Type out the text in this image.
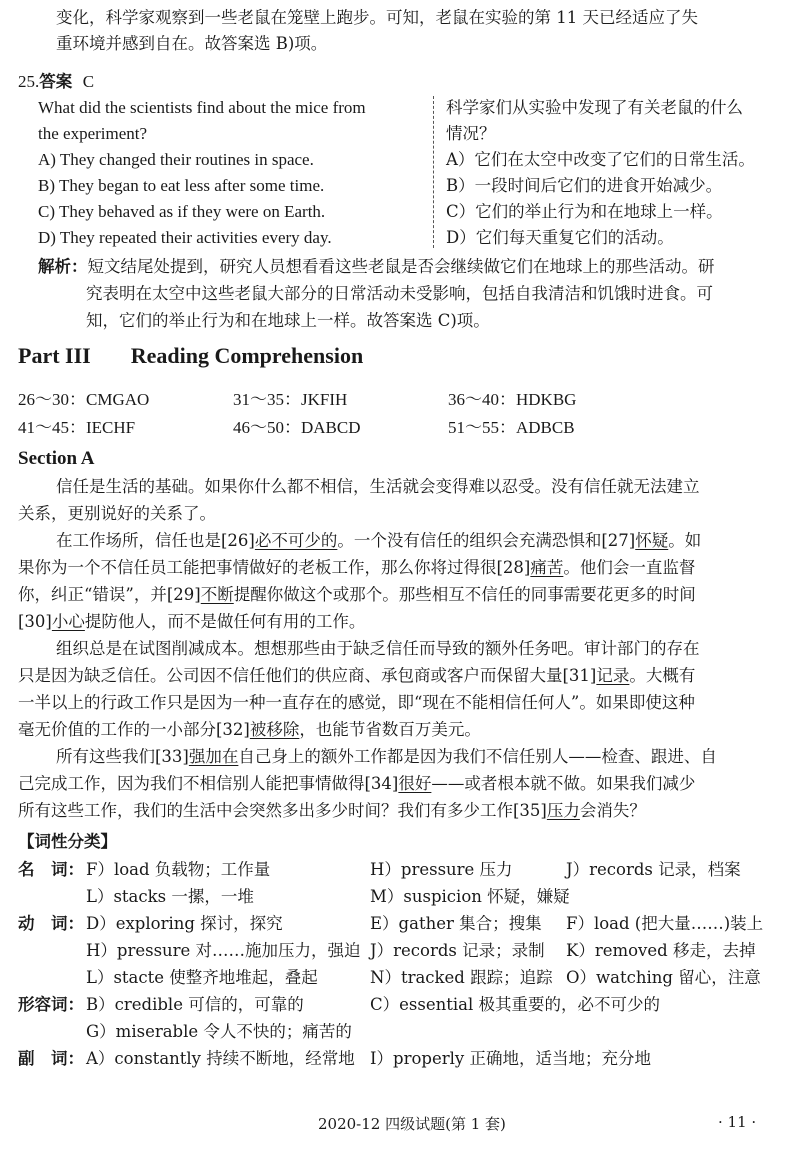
变化，科学家观察到一些老鼠在笼壁上跑步。可知，老鼠在实验的第 11 天已经适应了失
重环境并感到自在。故答案选 B)项。
25.答案 C
What did the scientists find about the mice from
the experiment?
A) They changed their routines in space.
B) They began to eat less after some time.
C) They behaved as if they were on Earth.
D) They repeated their activities every day.
科学家们从实验中发现了有关老鼠的什么
情况？
A）它们在太空中改变了它们的日常生活。
B）一段时间后它们的进食开始减少。
C）它们的举止行为和在地球上一样。
D）它们每天重复它们的活动。
解析：短文结尾处提到，研究人员想看看这些老鼠是否会继续做它们在地球上的那些活动。研
究表明在太空中这些老鼠大部分的日常活动未受影响，包括自我清洁和饥饿时进食。可
知，它们的举止行为和在地球上一样。故答案选 C)项。
Part III Reading Comprehension
26～30：CMGAO	31～35：JKFIH	36～40：HDKBG
41～45：IECHF	46～50：DABCD	51～55：ADBCB
Section A
信任是生活的基础。如果你什么都不相信，生活就会变得难以忍受。没有信任就无法建立
关系，更别说好的关系了。
在工作场所，信任也是[26]必不可少的。一个没有信任的组织会充满恐惧和[27]怀疑。如
果你为一个不信任员工能把事情做好的老板工作，那么你将过得很[28]痛苦。他们会一直监督
你，纠正“错误”，并[29]不断提醒你做这个或那个。那些相互不信任的同事需要花更多的时间
[30]小心提防他人，而不是做任何有用的工作。
组织总是在试图削减成本。想想那些由于缺乏信任而导致的额外任务吧。审计部门的存在
只是因为缺乏信任。公司因不信任他们的供应商、承包商或客户而保留大量[31]记录。大概有
一半以上的行政工作只是因为一种一直存在的感觉，即“现在不能相信任何人”。如果即使这种
毫无价值的工作的一小部分[32]被移除，也能节省数百万美元。
所有这些我们[33]强加在自己身上的额外工作都是因为我们不信任别人——检查、跟进、自
己完成工作，因为我们不相信别人能把事情做得[34]很好——或者根本就不做。如果我们减少
所有这些工作，我们的生活中会突然多出多少时间？我们有多少工作[35]压力会消失？
【词性分类】
名　词： F）load 负载物；工作量	H）pressure 压力	J）records 记录，档案
L）stacks 一摞，一堆	M）suspicion 怀疑，嫌疑
动　词： D）exploring 探讨，探究	E）gather 集合；搜集 F）load (把大量……)装上
H）pressure 对……施加压力，强迫 J）records 记录；录制 K）removed 移走，去掉
L）stacte 使整齐地堆起，叠起	N）tracked 跟踪；追踪 O）watching 留心，注意
形容词： B）credible 可信的，可靠的	C）essential 极其重要的，必不可少的
G）miserable 令人不快的；痛苦的
副　词： A）constantly 持续不断地，经常地 I）properly 正确地，适当地；充分地
2020-12 四级试题(第 1 套)	· 11 ·
